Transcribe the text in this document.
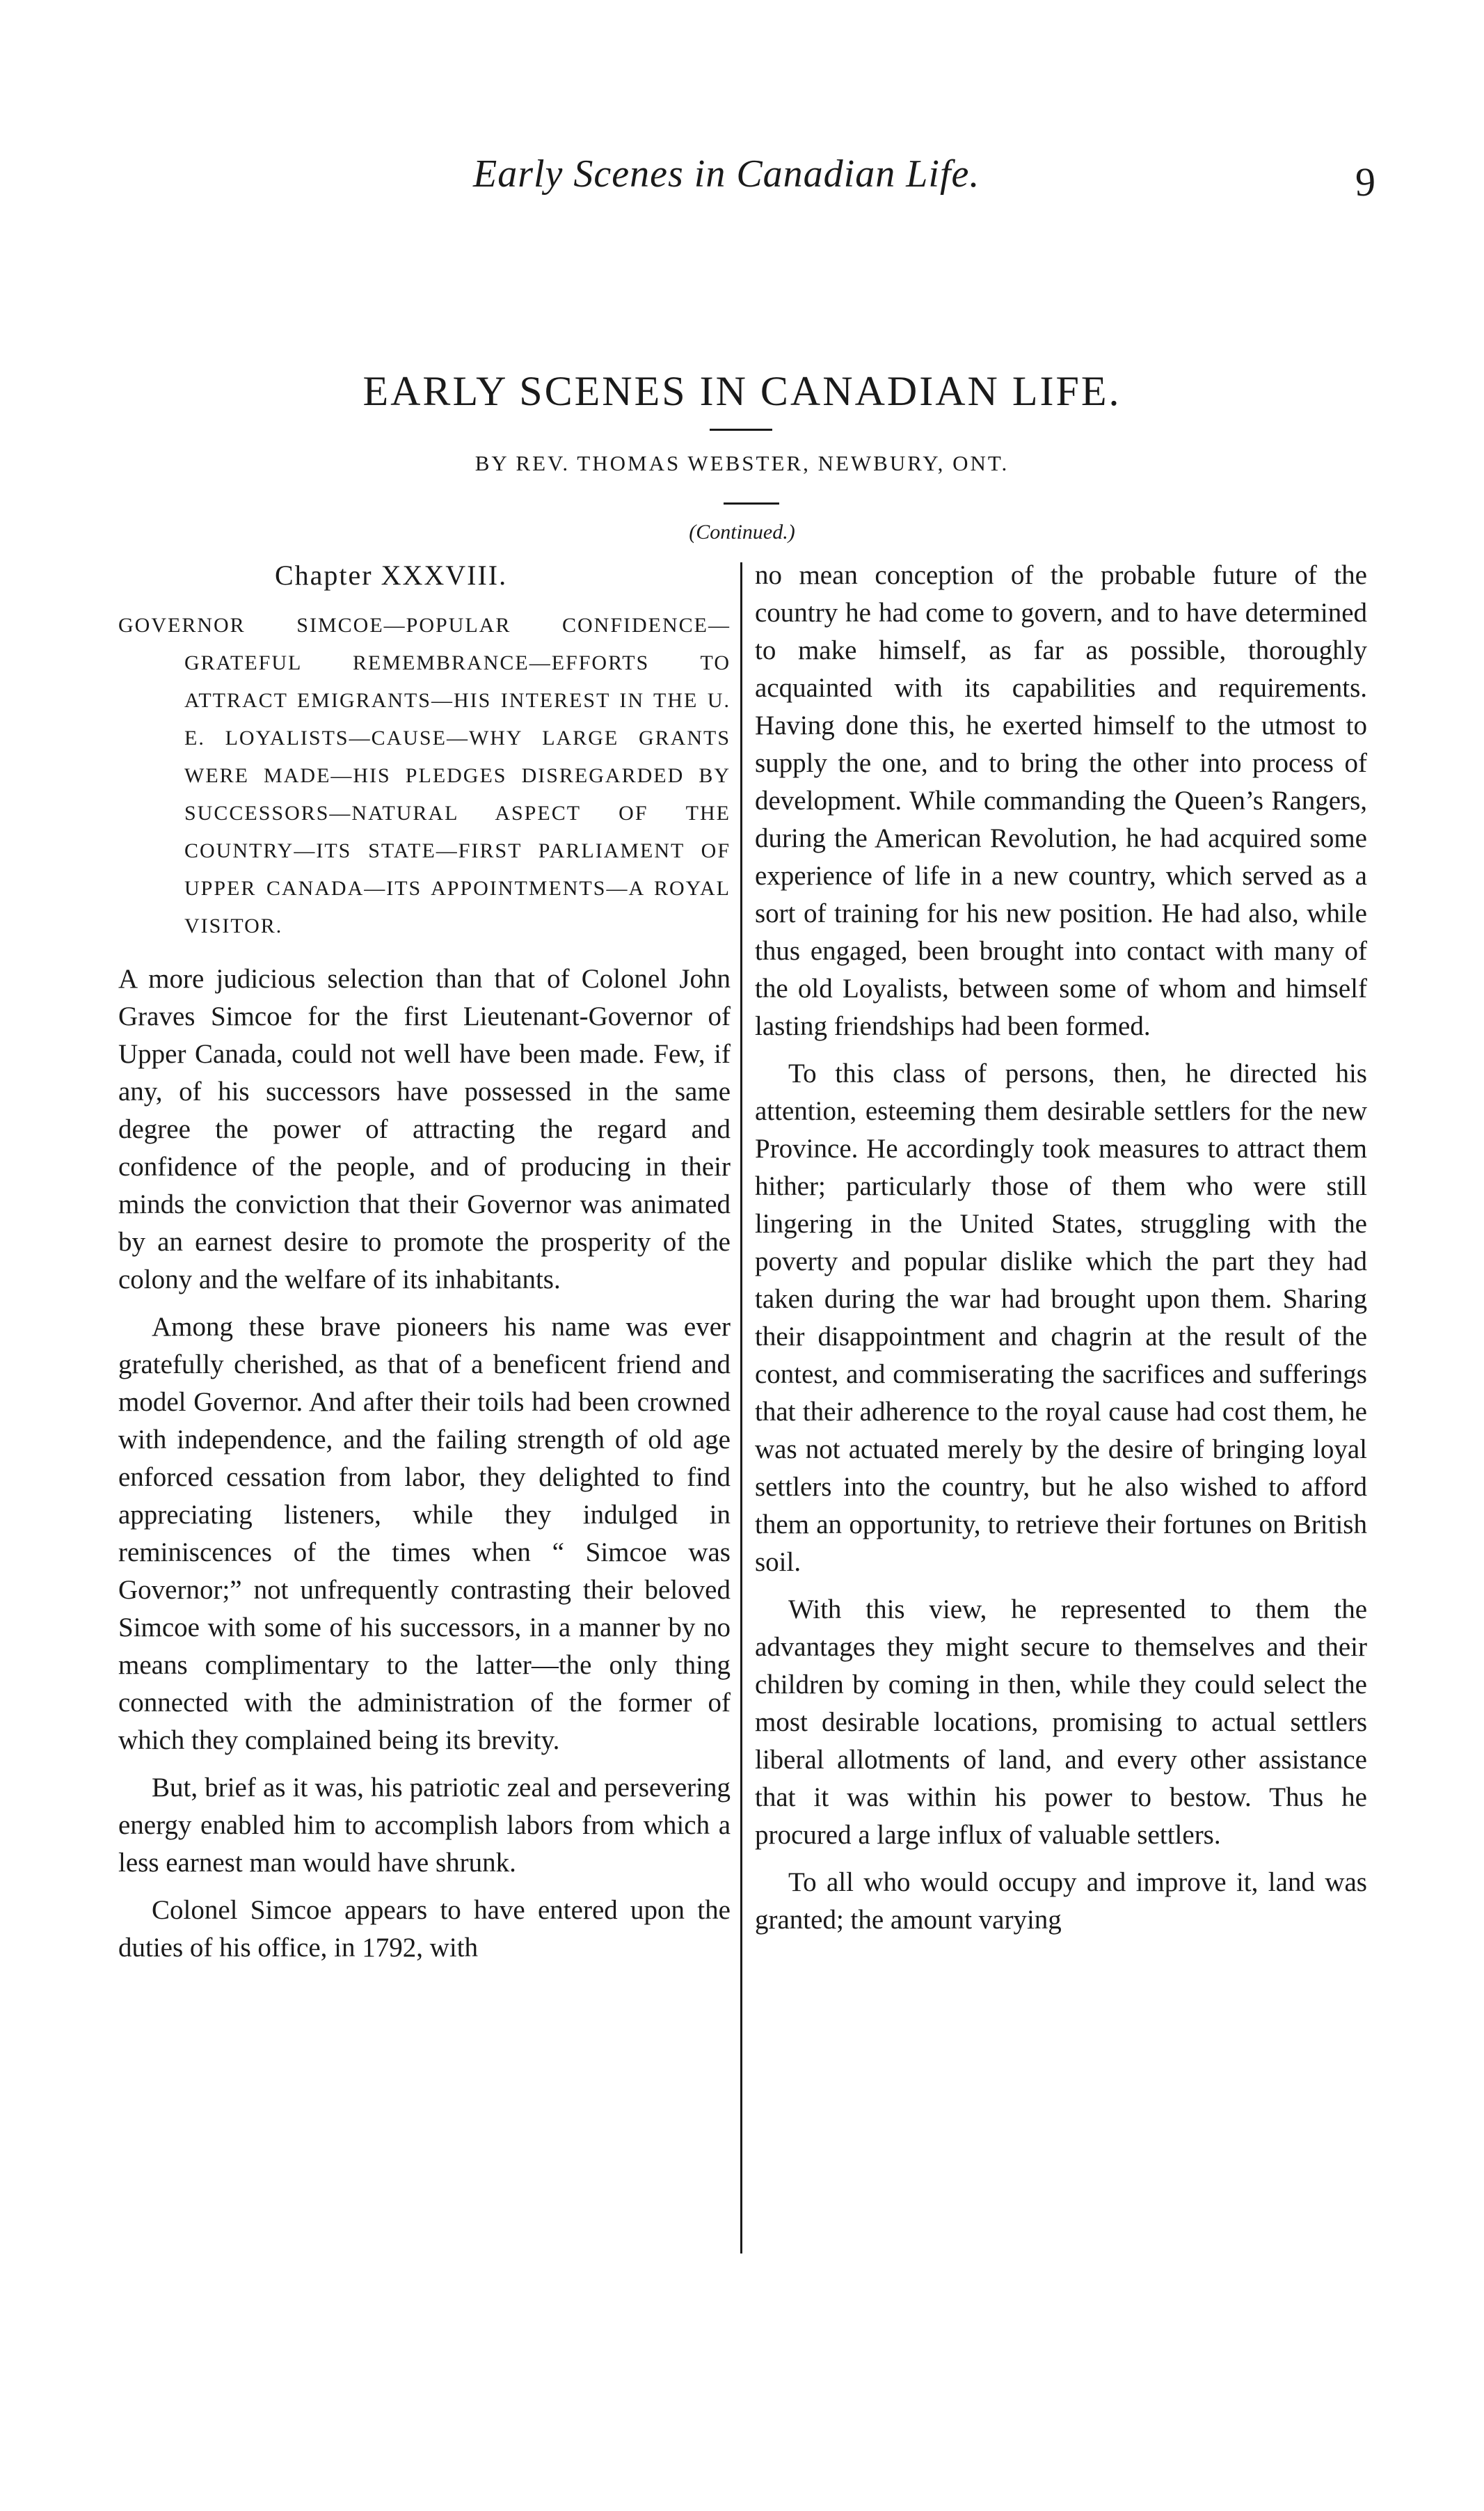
Early Scenes in Canadian Life.	9
EARLY SCENES IN CANADIAN LIFE.
BY REV. THOMAS WEBSTER, NEWBURY, ONT.
(Continued.)
Chapter XXXVIII.
GOVERNOR SIMCOE—POPULAR CONFIDENCE—GRATEFUL REMEMBRANCE—EFFORTS TO ATTRACT EMIGRANTS—HIS INTEREST IN THE U. E. LOYALISTS—CAUSE—WHY LARGE GRANTS WERE MADE—HIS PLEDGES DISREGARDED BY SUCCESSORS—NATURAL ASPECT OF THE COUNTRY—ITS STATE—FIRST PARLIAMENT OF UPPER CANADA—ITS APPOINTMENTS—A ROYAL VISITOR.

A more judicious selection than that of Colonel John Graves Simcoe for the first Lieutenant-Governor of Upper Canada, could not well have been made. Few, if any, of his successors have possessed in the same degree the power of attracting the regard and confidence of the people, and of producing in their minds the conviction that their Governor was animated by an earnest desire to promote the prosperity of the colony and the welfare of its inhabitants.

Among these brave pioneers his name was ever gratefully cherished, as that of a beneficent friend and model Governor. And after their toils had been crowned with independence, and the failing strength of old age enforced cessation from labor, they delighted to find appreciating listeners, while they indulged in reminiscences of the times when “ Simcoe was Governor;” not unfrequently contrasting their beloved Simcoe with some of his successors, in a manner by no means complimentary to the latter—the only thing connected with the administration of the former of which they complained being its brevity.

But, brief as it was, his patriotic zeal and persevering energy enabled him to accomplish labors from which a less earnest man would have shrunk.

Colonel Simcoe appears to have entered upon the duties of his office, in 1792, with

no mean conception of the probable future of the country he had come to govern, and to have determined to make himself, as far as possible, thoroughly acquainted with its capabilities and requirements. Having done this, he exerted himself to the utmost to supply the one, and to bring the other into process of development. While commanding the Queen’s Rangers, during the American Revolution, he had acquired some experience of life in a new country, which served as a sort of training for his new position. He had also, while thus engaged, been brought into contact with many of the old Loyalists, between some of whom and himself lasting friendships had been formed.

To this class of persons, then, he directed his attention, esteeming them desirable settlers for the new Province. He accordingly took measures to attract them hither; particularly those of them who were still lingering in the United States, struggling with the poverty and popular dislike which the part they had taken during the war had brought upon them. Sharing their disappointment and chagrin at the result of the contest, and commiserating the sacrifices and sufferings that their adherence to the royal cause had cost them, he was not actuated merely by the desire of bringing loyal settlers into the country, but he also wished to afford them an opportunity, to retrieve their fortunes on British soil.

With this view, he represented to them the advantages they might secure to themselves and their children by coming in then, while they could select the most desirable locations, promising to actual settlers liberal allotments of land, and every other assistance that it was within his power to bestow. Thus he procured a large influx of valuable settlers.

To all who would occupy and improve it, land was granted; the amount varying
